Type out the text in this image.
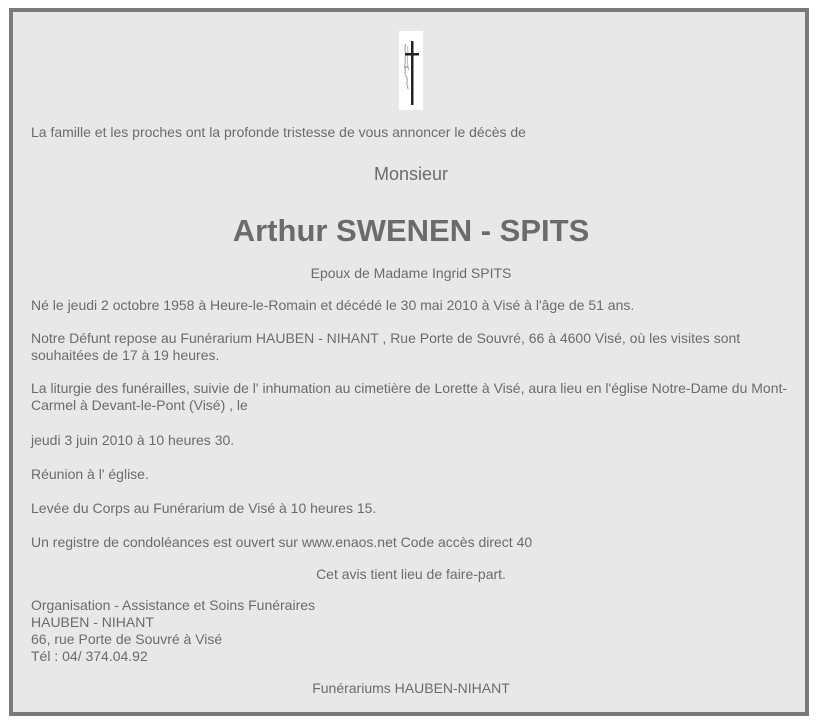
La famille et les proches ont la profonde tristesse de vous annoncer le décès de
Monsieur
Arthur SWENEN - SPITS
Epoux de Madame Ingrid SPITS
Né le jeudi 2 octobre 1958 à Heure-le-Romain et décédé le 30 mai 2010 à Visé à l'âge de 51 ans.
Notre Défunt repose au Funérarium HAUBEN - NIHANT , Rue Porte de Souvré, 66 à 4600 Visé, où les visites sont souhaitées de 17 à 19 heures.
La liturgie des funérailles, suivie de l' inhumation au cimetière de Lorette à Visé, aura lieu en l'église Notre-Dame du Mont-Carmel à Devant-le-Pont (Visé) , le
jeudi 3 juin 2010 à 10 heures 30.
Réunion à l' église.
Levée du Corps au Funérarium de Visé à 10 heures 15.
Un registre de condoléances est ouvert sur www.enaos.net Code accès direct 40
Cet avis tient lieu de faire-part.
Organisation - Assistance et Soins Funéraires
HAUBEN - NIHANT
66, rue Porte de Souvré à Visé
Tél : 04/ 374.04.92
Funérariums HAUBEN-NIHANT
